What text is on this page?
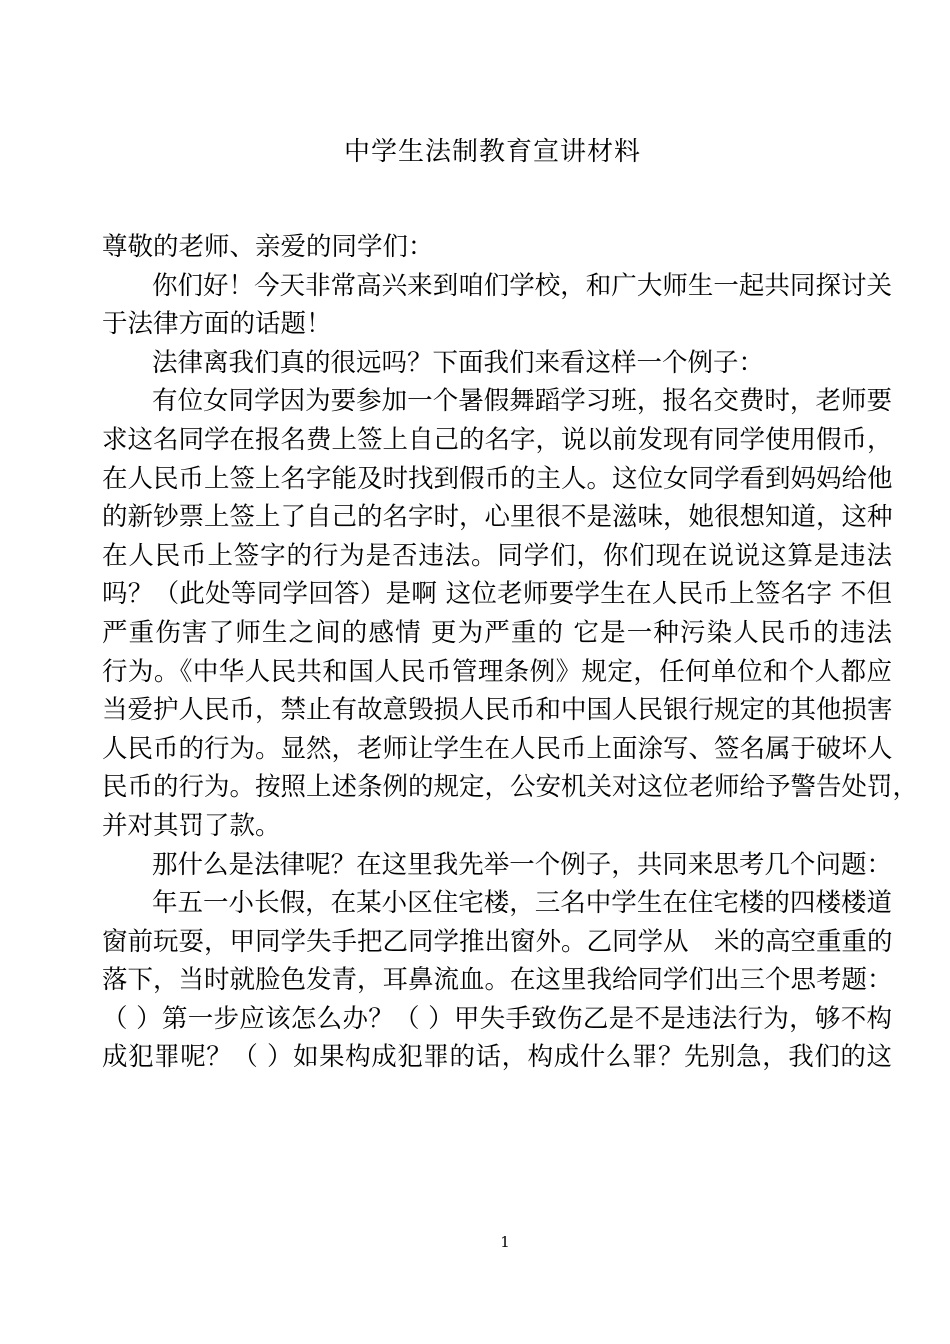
中学生法制教育宣讲材料
尊敬的老师、亲爱的同学们：
你们好！今天非常高兴来到咱们学校，和广大师生一起共同探讨关
于法律方面的话题！
法律离我们真的很远吗？下面我们来看这样一个例子：
有位女同学因为要参加一个暑假舞蹈学习班，报名交费时，老师要
求这名同学在报名费上签上自己的名字，说以前发现有同学使用假币，
在人民币上签上名字能及时找到假币的主人。这位女同学看到妈妈给他
的新钞票上签上了自己的名字时，心里很不是滋味，她很想知道，这种
在人民币上签字的行为是否违法。同学们，你们现在说说这算是违法
吗？（此处等同学回答）是啊 这位老师要学生在人民币上签名字 不但
严重伤害了师生之间的感情 更为严重的 它是一种污染人民币的违法
行为。《中华人民共和国人民币管理条例》规定，任何单位和个人都应
当爱护人民币，禁止有故意毁损人民币和中国人民银行规定的其他损害
人民币的行为。显然，老师让学生在人民币上面涂写、签名属于破坏人
民币的行为。按照上述条例的规定，公安机关对这位老师给予警告处罚，
并对其罚了款。
那什么是法律呢？在这里我先举一个例子，共同来思考几个问题：
年五一小长假，在某小区住宅楼，三名中学生在住宅楼的四楼楼道
窗前玩耍，甲同学失手把乙同学推出窗外。乙同学从　米的高空重重的
落下，当时就脸色发青，耳鼻流血。在这里我给同学们出三个思考题：
（ ）第一步应该怎么办？（ ）甲失手致伤乙是不是违法行为，够不构
成犯罪呢？（ ）如果构成犯罪的话，构成什么罪？先别急，我们的这
1
